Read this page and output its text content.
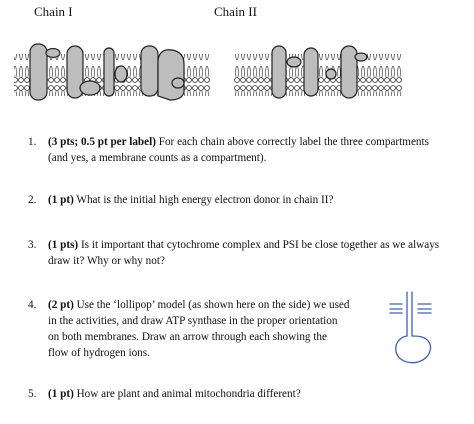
Chain I	Chain II
1. (3 pts; 0.5 pt per label) For each chain above correctly label the three compartments
(and yes, a membrane counts as a compartment).
2. (1 pt) What is the initial high energy electron donor in chain II?
3. (1 pts) Is it important that cytochrome complex and PSI be close together as we always
draw it? Why or why not?
4. (2 pt) Use the ‘lollipop’ model (as shown here on the side) we used
in the activities, and draw ATP synthase in the proper orientation
on both membranes. Draw an arrow through each showing the
flow of hydrogen ions.
5. (1 pt) How are plant and animal mitochondria different?
